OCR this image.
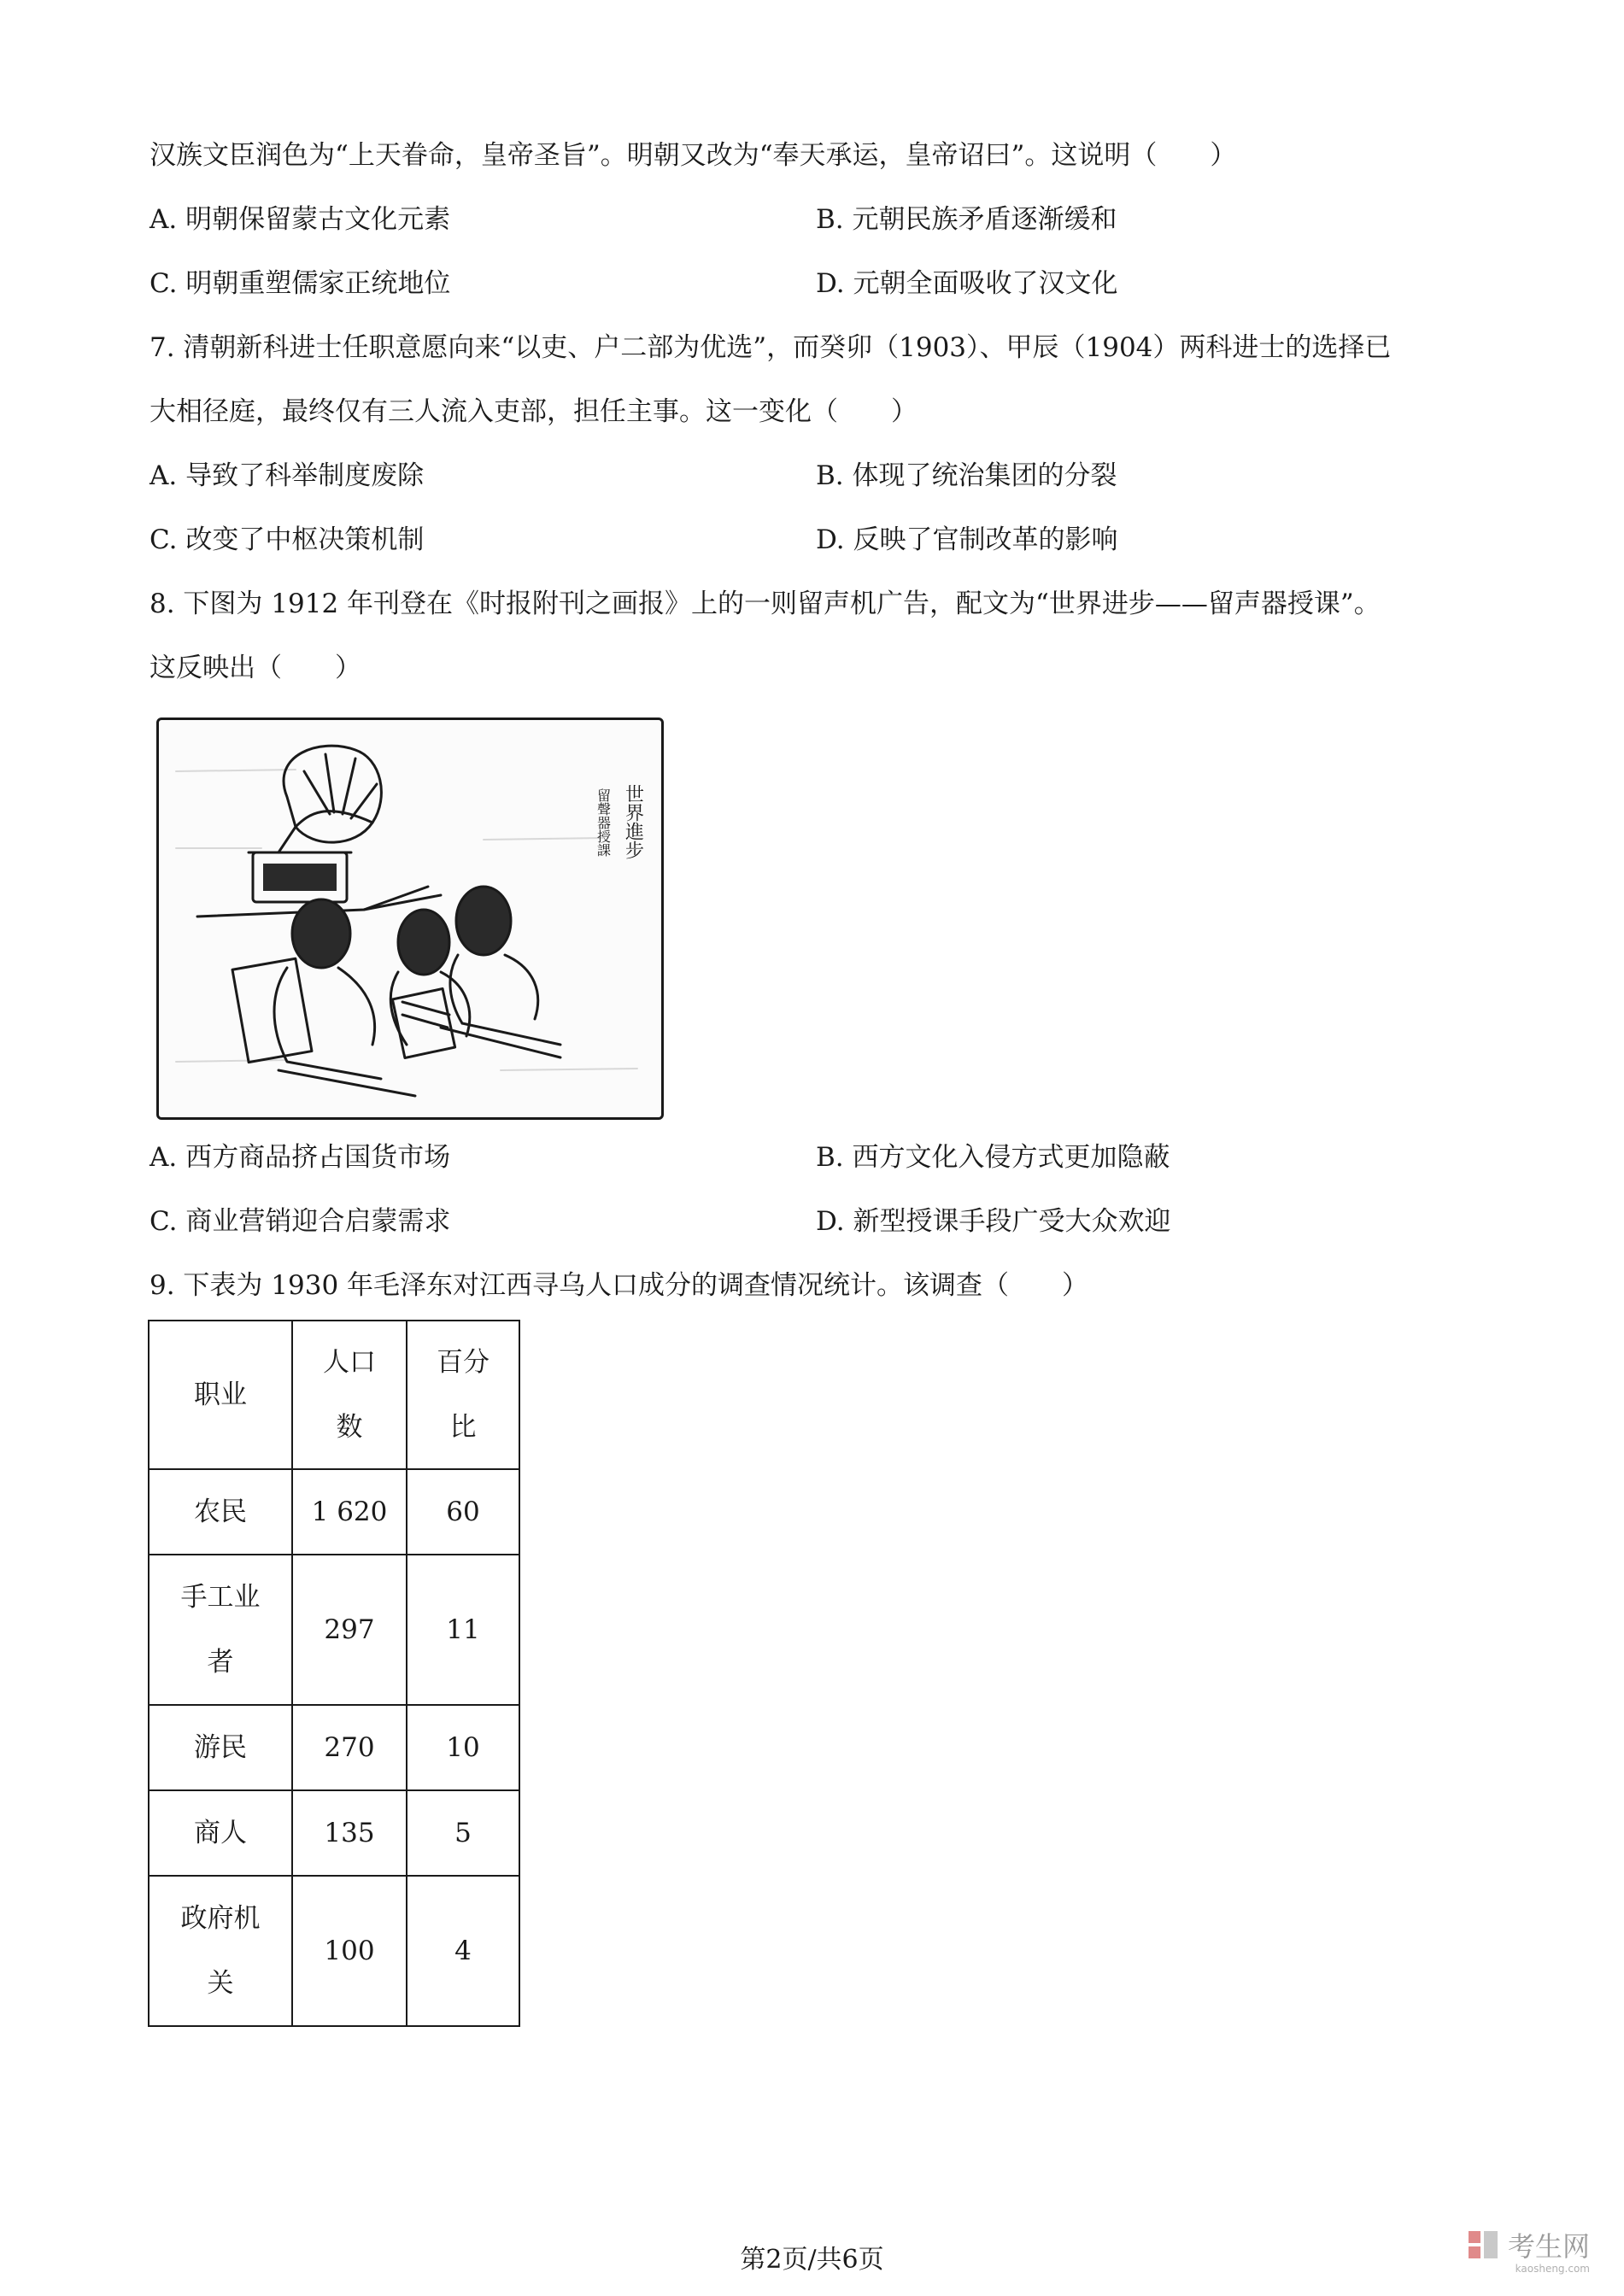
汉族文臣润色为“上天眷命，皇帝圣旨”。明朝又改为“奉天承运，皇帝诏曰”。这说明（　　）
A. 明朝保留蒙古文化元素	B. 元朝民族矛盾逐渐缓和
C. 明朝重塑儒家正统地位	D. 元朝全面吸收了汉文化
7. 清朝新科进士任职意愿向来“以吏、户二部为优选”，而癸卯（1903）、甲辰（1904）两科进士的选择已
大相径庭，最终仅有三人流入吏部，担任主事。这一变化（　　）
A. 导致了科举制度废除	B. 体现了统治集团的分裂
C. 改变了中枢决策机制	D. 反映了官制改革的影响
8. 下图为 1912 年刊登在《时报附刊之画报》上的一则留声机广告，配文为“世界进步——留声器授课”。
这反映出（　　）
世界進步
留聲器授課
A. 西方商品挤占国货市场	B. 西方文化入侵方式更加隐蔽
C. 商业营销迎合启蒙需求	D. 新型授课手段广受大众欢迎
9. 下表为 1930 年毛泽东对江西寻乌人口成分的调查情况统计。该调查（　　）
职业	人口数	百分比
农民	1 620	60
手工业者	297	11
游民	270	10
商人	135	5
政府机关	100	4
第2页/共6页	考生网
kaosheng.com
